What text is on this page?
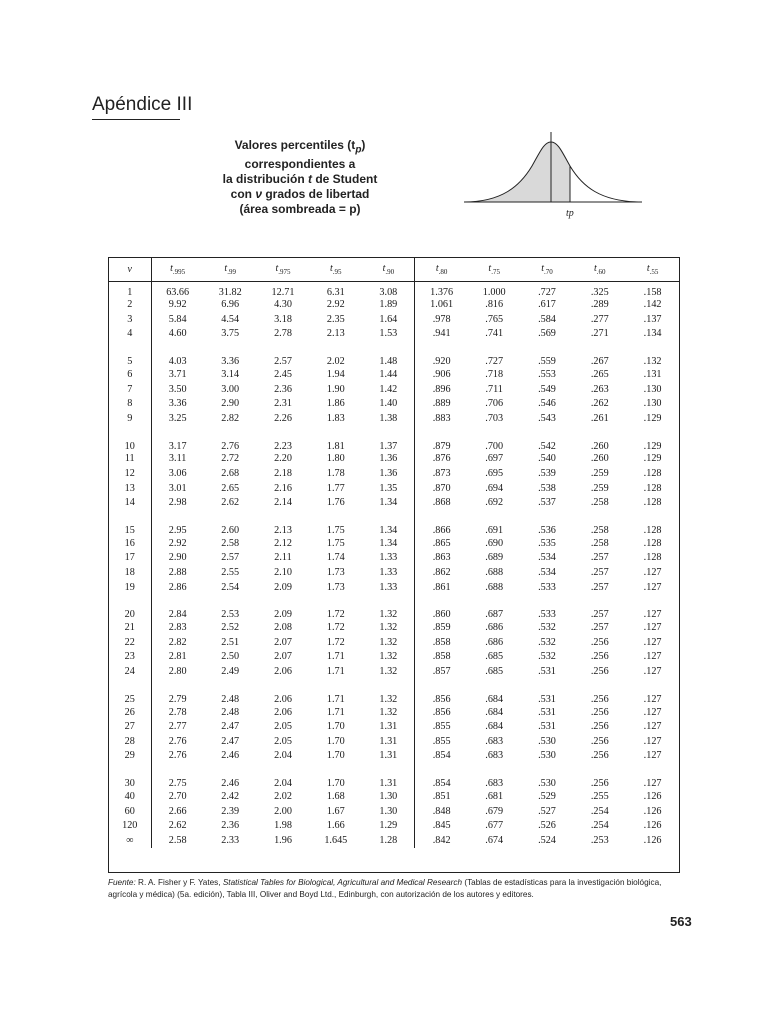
Apéndice III
Valores percentiles $(t_p)$
correspondientes a
la distribución t de Student
con ν grados de libertad
(área sombreada = p)	tp
ν	$t_{.995}$	$t_{.99}$	$t_{.975}$	$t_{.95}$	$t_{.90}$	$t_{.80}$	$t_{.75}$	$t_{.70}$	$t_{.60}$	$t_{.55}$
1	63.66	31.82	12.71	6.31	3.08	1.376	1.000	.727	.325	.158
2	9.92	6.96	4.30	2.92	1.89	1.061	.816	.617	.289	.142
3	5.84	4.54	3.18	2.35	1.64	.978	.765	.584	.277	.137
4	4.60	3.75	2.78	2.13	1.53	.941	.741	.569	.271	.134
5	4.03	3.36	2.57	2.02	1.48	.920	.727	.559	.267	.132
6	3.71	3.14	2.45	1.94	1.44	.906	.718	.553	.265	.131
7	3.50	3.00	2.36	1.90	1.42	.896	.711	.549	.263	.130
8	3.36	2.90	2.31	1.86	1.40	.889	.706	.546	.262	.130
9	3.25	2.82	2.26	1.83	1.38	.883	.703	.543	.261	.129
10	3.17	2.76	2.23	1.81	1.37	.879	.700	.542	.260	.129
11	3.11	2.72	2.20	1.80	1.36	.876	.697	.540	.260	.129
12	3.06	2.68	2.18	1.78	1.36	.873	.695	.539	.259	.128
13	3.01	2.65	2.16	1.77	1.35	.870	.694	.538	.259	.128
14	2.98	2.62	2.14	1.76	1.34	.868	.692	.537	.258	.128
15	2.95	2.60	2.13	1.75	1.34	.866	.691	.536	.258	.128
16	2.92	2.58	2.12	1.75	1.34	.865	.690	.535	.258	.128
17	2.90	2.57	2.11	1.74	1.33	.863	.689	.534	.257	.128
18	2.88	2.55	2.10	1.73	1.33	.862	.688	.534	.257	.127
19	2.86	2.54	2.09	1.73	1.33	.861	.688	.533	.257	.127
20	2.84	2.53	2.09	1.72	1.32	.860	.687	.533	.257	.127
21	2.83	2.52	2.08	1.72	1.32	.859	.686	.532	.257	.127
22	2.82	2.51	2.07	1.72	1.32	.858	.686	.532	.256	.127
23	2.81	2.50	2.07	1.71	1.32	.858	.685	.532	.256	.127
24	2.80	2.49	2.06	1.71	1.32	.857	.685	.531	.256	.127
25	2.79	2.48	2.06	1.71	1.32	.856	.684	.531	.256	.127
26	2.78	2.48	2.06	1.71	1.32	.856	.684	.531	.256	.127
27	2.77	2.47	2.05	1.70	1.31	.855	.684	.531	.256	.127
28	2.76	2.47	2.05	1.70	1.31	.855	.683	.530	.256	.127
29	2.76	2.46	2.04	1.70	1.31	.854	.683	.530	.256	.127
30	2.75	2.46	2.04	1.70	1.31	.854	.683	.530	.256	.127
40	2.70	2.42	2.02	1.68	1.30	.851	.681	.529	.255	.126
60	2.66	2.39	2.00	1.67	1.30	.848	.679	.527	.254	.126
120	2.62	2.36	1.98	1.66	1.29	.845	.677	.526	.254	.126
∞	2.58	2.33	1.96	1.645	1.28	.842	.674	.524	.253	.126
Fuente: R. A. Fisher y F. Yates, Statistical Tables for Biological, Agricultural and Medical Research (Tablas de estadísticas para la investigación biológica, agrícola y médica) (5a. edición), Tabla III, Oliver and Boyd Ltd., Edinburgh, con autorización de los autores y editores.
563
